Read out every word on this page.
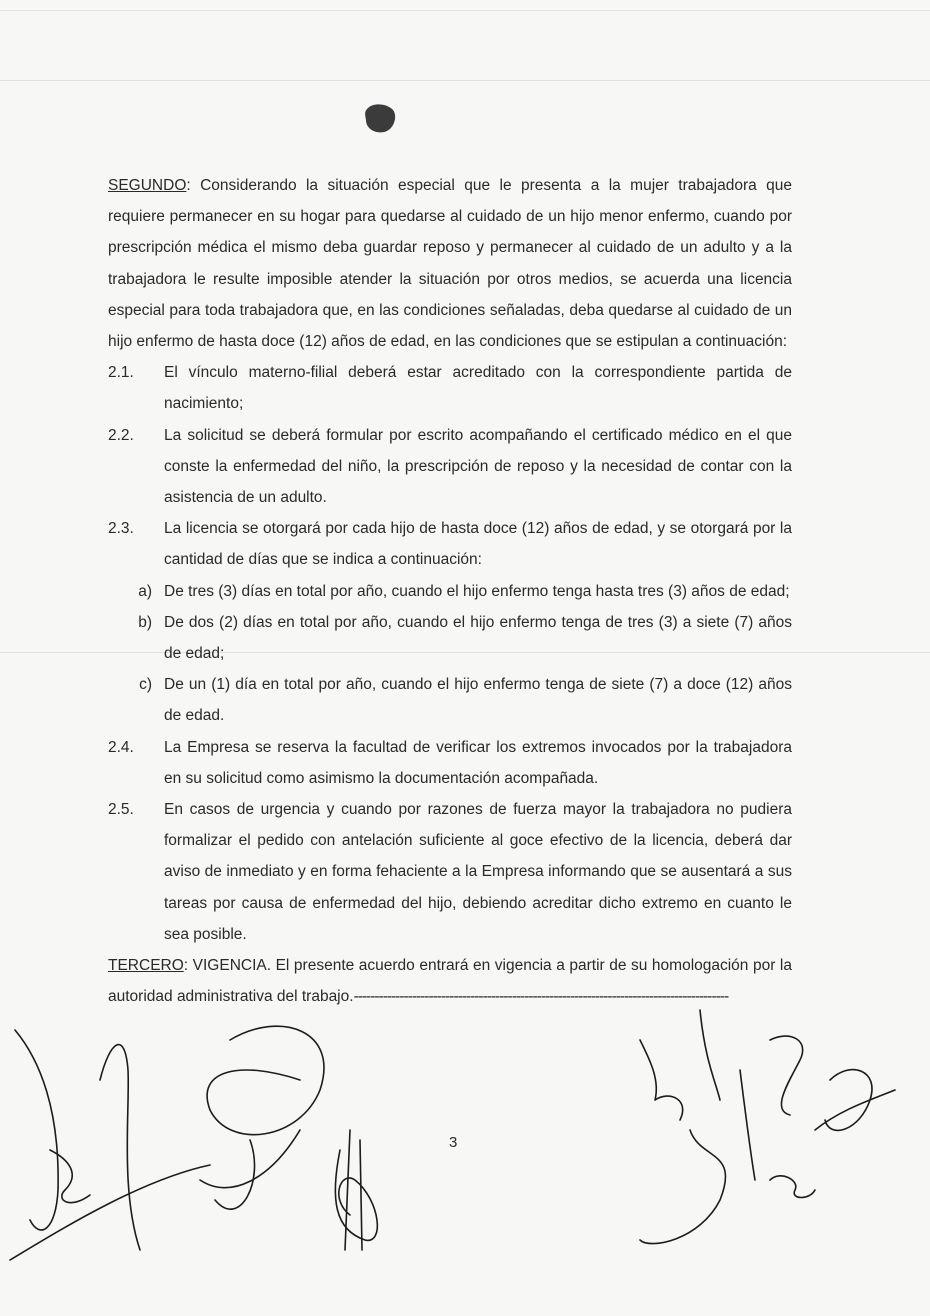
SEGUNDO: Considerando la situación especial que le presenta a la mujer trabajadora que requiere permanecer en su hogar para quedarse al cuidado de un hijo menor enfermo, cuando por prescripción médica el mismo deba guardar reposo y permanecer al cuidado de un adulto y a la trabajadora le resulte imposible atender la situación por otros medios, se acuerda una licencia especial para toda trabajadora que, en las condiciones señaladas, deba quedarse al cuidado de un hijo enfermo de hasta doce (12) años de edad, en las condiciones que se estipulan a continuación:

2.1.	El vínculo materno-filial deberá estar acreditado con la correspondiente partida de nacimiento;
2.2.	La solicitud se deberá formular por escrito acompañando el certificado médico en el que conste la enfermedad del niño, la prescripción de reposo y la necesidad de contar con la asistencia de un adulto.
2.3.	La licencia se otorgará por cada hijo de hasta doce (12) años de edad, y se otorgará por la cantidad de días que se indica a continuación:
a) De tres (3) días en total por año, cuando el hijo enfermo tenga hasta tres (3) años de edad;
b) De dos (2) días en total por año, cuando el hijo enfermo tenga de tres (3) a siete (7) años de edad;
c) De un (1) día en total por año, cuando el hijo enfermo tenga de siete (7) a doce (12) años de edad.
2.4.	La Empresa se reserva la facultad de verificar los extremos invocados por la trabajadora en su solicitud como asimismo la documentación acompañada.
2.5.	En casos de urgencia y cuando por razones de fuerza mayor la trabajadora no pudiera formalizar el pedido con antelación suficiente al goce efectivo de la licencia, deberá dar aviso de inmediato y en forma fehaciente a la Empresa informando que se ausentará a sus tareas por causa de enfermedad del hijo, debiendo acreditar dicho extremo en cuanto le sea posible.

TERCERO: VIGENCIA. El presente acuerdo entrará en vigencia a partir de su homologación por la autoridad administrativa del trabajo.------------------------------------------------------------------------------------------

3
